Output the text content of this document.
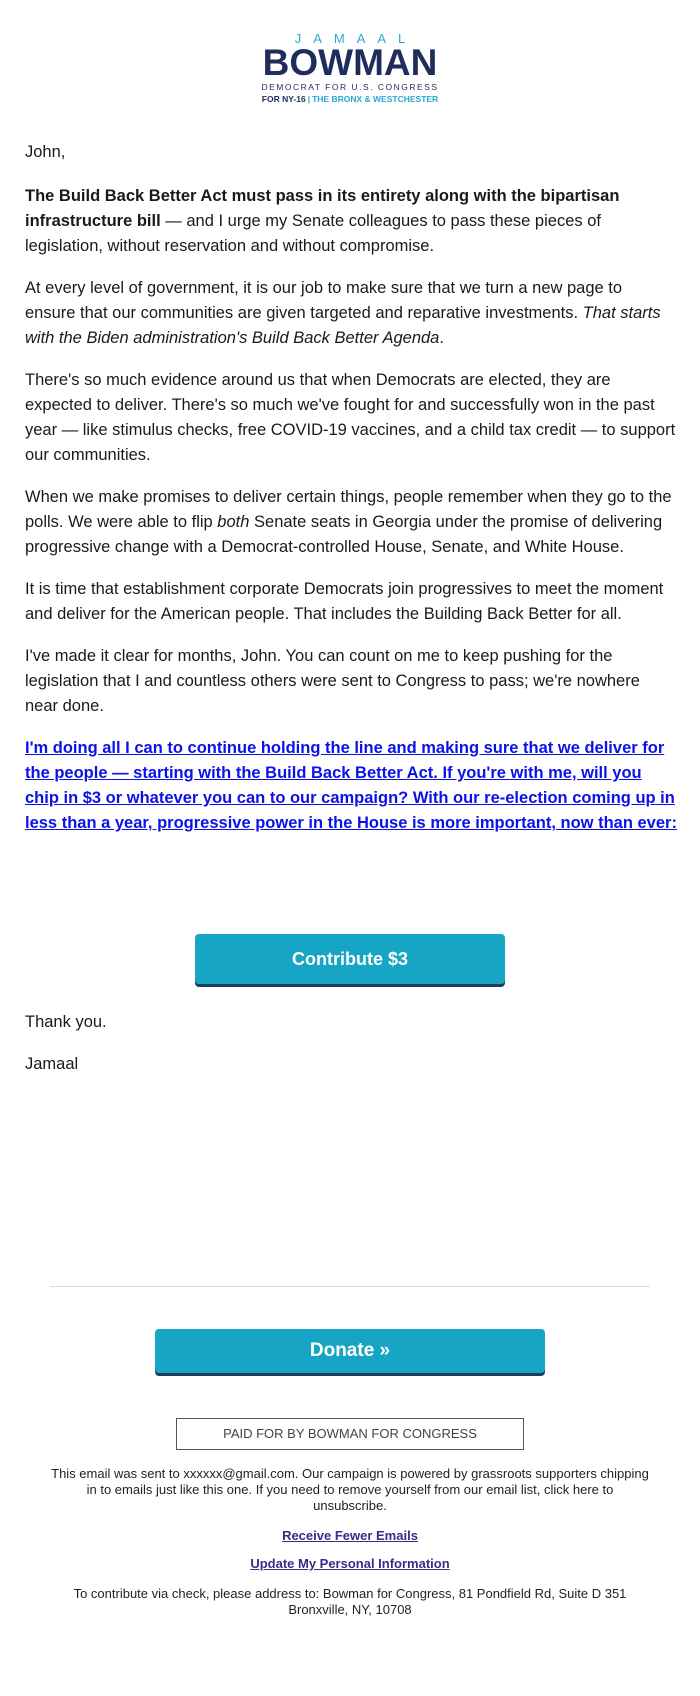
JAMAAL
BOWMAN
DEMOCRAT FOR U.S. CONGRESS
FOR NY-16 | THE BRONX & WESTCHESTER

John,

The Build Back Better Act must pass in its entirety along with the bipartisan infrastructure bill — and I urge my Senate colleagues to pass these pieces of legislation, without reservation and without compromise.

At every level of government, it is our job to make sure that we turn a new page to ensure that our communities are given targeted and reparative investments. That starts with the Biden administration's Build Back Better Agenda.

There's so much evidence around us that when Democrats are elected, they are expected to deliver. There's so much we've fought for and successfully won in the past year — like stimulus checks, free COVID-19 vaccines, and a child tax credit — to support our communities.

When we make promises to deliver certain things, people remember when they go to the polls. We were able to flip both Senate seats in Georgia under the promise of delivering progressive change with a Democrat-controlled House, Senate, and White House.

It is time that establishment corporate Democrats join progressives to meet the moment and deliver for the American people. That includes the Building Back Better for all.

I've made it clear for months, John. You can count on me to keep pushing for the legislation that I and countless others were sent to Congress to pass; we're nowhere near done.

I'm doing all I can to continue holding the line and making sure that we deliver for the people — starting with the Build Back Better Act. If you're with me, will you chip in $3 or whatever you can to our campaign? With our re-election coming up in less than a year, progressive power in the House is more important, now than ever:

Contribute $3

Thank you.

Jamaal

Donate »
PAID FOR BY BOWMAN FOR CONGRESS

This email was sent to xxxxxx@gmail.com. Our campaign is powered by grassroots supporters chipping in to emails just like this one. If you need to remove yourself from our email list, click here to unsubscribe.

Receive Fewer Emails

Update My Personal Information

To contribute via check, please address to: Bowman for Congress, 81 Pondfield Rd, Suite D 351 Bronxville, NY, 10708
